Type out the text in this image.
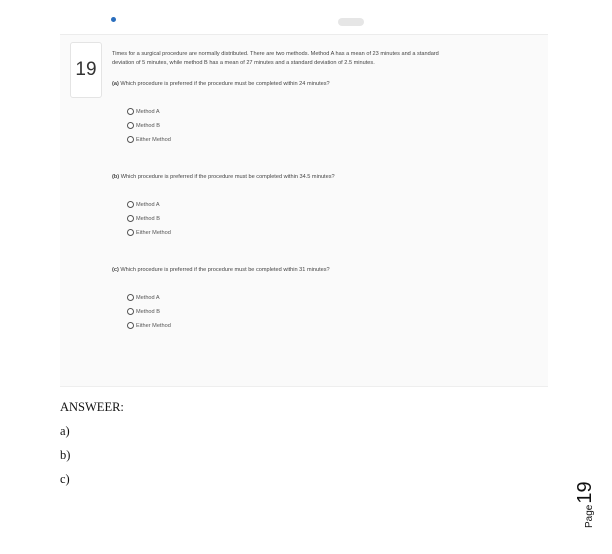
19
Times for a surgical procedure are normally distributed. There are two methods. Method A has a mean of 23 minutes and a standard
deviation of 5 minutes, while method B has a mean of 27 minutes and a standard deviation of 2.5 minutes.
(a) Which procedure is preferred if the procedure must be completed within 24 minutes?
Method A
Method B
Either Method
(b) Which procedure is preferred if the procedure must be completed within 34.5 minutes?
Method A
Method B
Either Method
(c) Which procedure is preferred if the procedure must be completed within 31 minutes?
Method A
Method B
Either Method
ANSWEER:
a)
b)
c)
Page
19
